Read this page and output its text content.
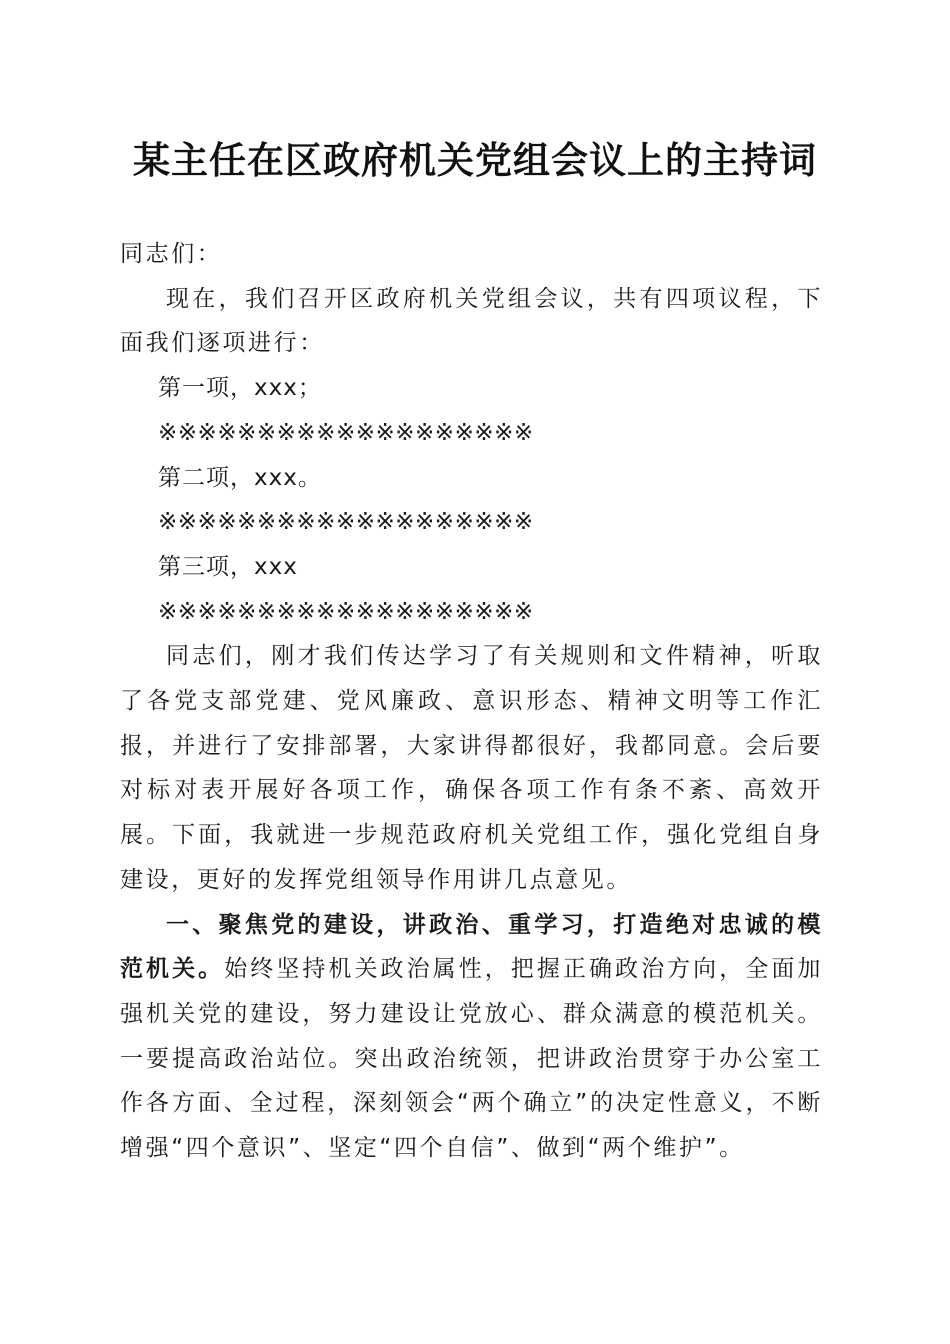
某主任在区政府机关党组会议上的主持词

同志们：

现在，我们召开区政府机关党组会议，共有四项议程，下面我们逐项进行：

第一项，xxx；

※※※※※※※※※※※※※※※※※※※

第二项，xxx。

※※※※※※※※※※※※※※※※※※※

第三项，xxx

※※※※※※※※※※※※※※※※※※※

同志们，刚才我们传达学习了有关规则和文件精神，听取了各党支部党建、党风廉政、意识形态、精神文明等工作汇报，并进行了安排部署，大家讲得都很好，我都同意。会后要对标对表开展好各项工作，确保各项工作有条不紊、高效开展。下面，我就进一步规范政府机关党组工作，强化党组自身建设，更好的发挥党组领导作用讲几点意见。

一、聚焦党的建设，讲政治、重学习，打造绝对忠诚的模范机关。始终坚持机关政治属性，把握正确政治方向，全面加强机关党的建设，努力建设让党放心、群众满意的模范机关。一要提高政治站位。突出政治统领，把讲政治贯穿于办公室工作各方面、全过程，深刻领会“两个确立”的决定性意义，不断增强“四个意识”、坚定“四个自信”、做到“两个维护”。
